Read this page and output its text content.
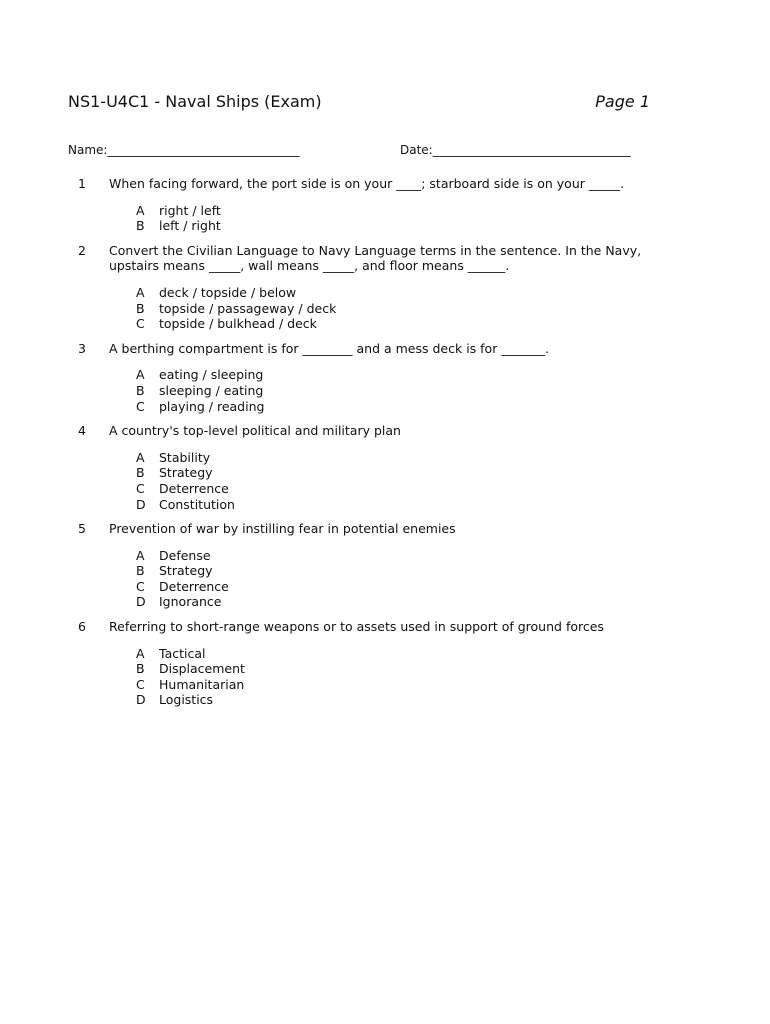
NS1-U4C1 - Naval Ships (Exam)	Page 1
Name:________________________________	Date:_________________________________
1	When facing forward, the port side is on your ____; starboard side is on your _____.
A	right / left
B	left / right
2	Convert the Civilian Language to Navy Language terms in the sentence. In the Navy, upstairs means _____, wall means _____, and floor means ______.
A	deck / topside / below
B	topside / passageway / deck
C	topside / bulkhead / deck
3	A berthing compartment is for ________ and a mess deck is for _______.
A	eating / sleeping
B	sleeping / eating
C	playing / reading
4	A country's top-level political and military plan
A	Stability
B	Strategy
C	Deterrence
D	Constitution
5	Prevention of war by instilling fear in potential enemies
A	Defense
B	Strategy
C	Deterrence
D	Ignorance
6	Referring to short-range weapons or to assets used in support of ground forces
A	Tactical
B	Displacement
C	Humanitarian
D	Logistics
